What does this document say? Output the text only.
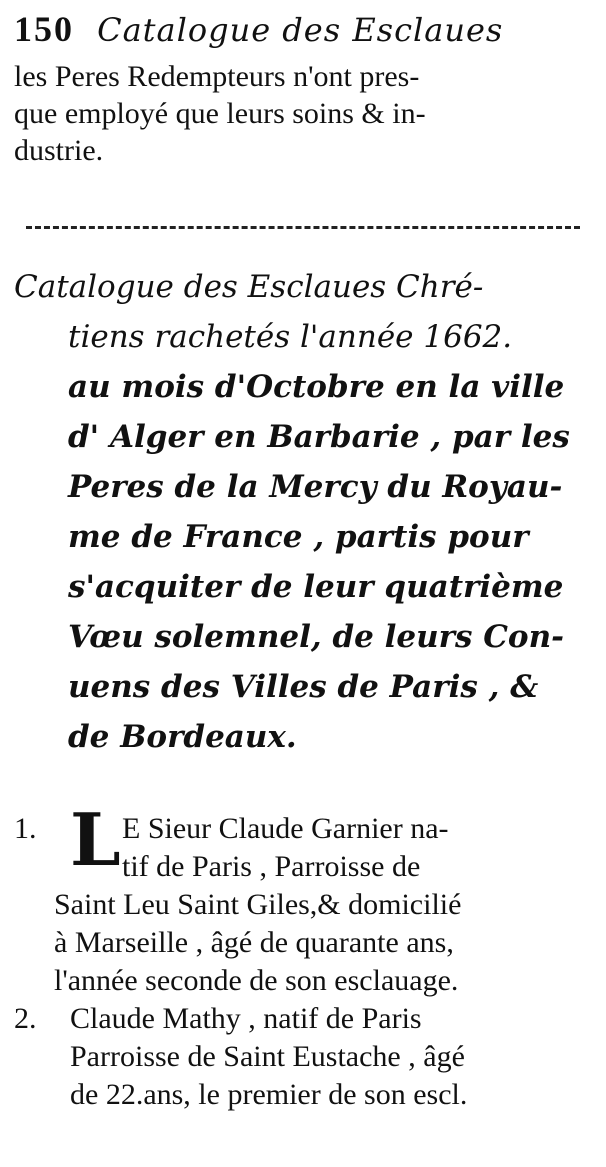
150 Catalogue des Esclaues
les Peres Redempteurs n'ont pres-
que employé que leurs soins & in-
dustrie.
Catalogue des Esclaues Chré-
tiens rachetés l'année 1662.
au mois d'Octobre en la ville
d' Alger en Barbarie , par les
Peres de la Mercy du Royau-
me de France , partis pour
s'acquiter de leur quatrième
Vœu solemnel, de leurs Con-
uens des Villes de Paris , &
de Bordeaux.
1. L E Sieur Claude Garnier na-
tif de Paris , Parroisse de
Saint Leu Saint Giles,& domicilié
à Marseille , âgé de quarante ans,
l'année seconde de son esclauage.
2. Claude Mathy , natif de Paris
Parroisse de Saint Eustache , âgé
de 22.ans, le premier de son escl.
